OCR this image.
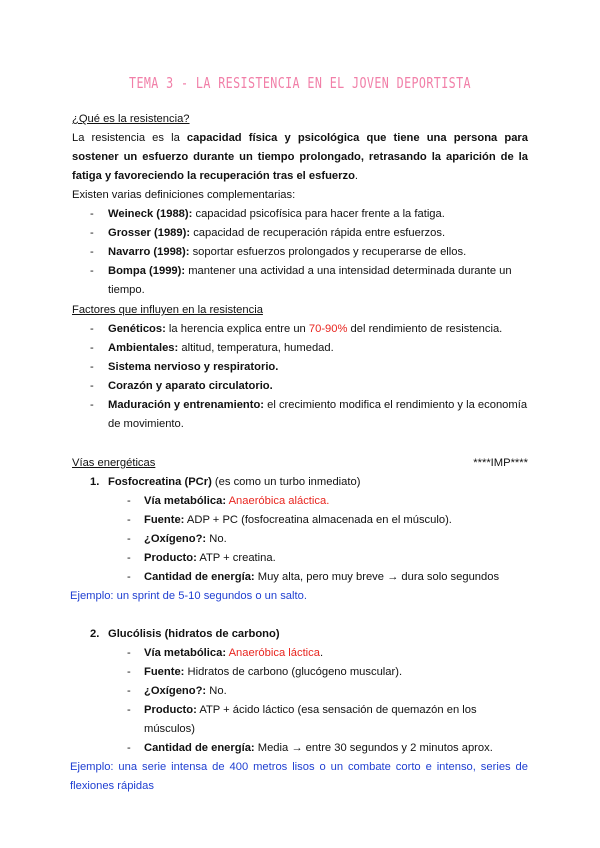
TEMA 3 - LA RESISTENCIA EN EL JOVEN DEPORTISTA
¿Qué es la resistencia?
La resistencia es la capacidad física y psicológica que tiene una persona para sostener un esfuerzo durante un tiempo prolongado, retrasando la aparición de la fatiga y favoreciendo la recuperación tras el esfuerzo.
Existen varias definiciones complementarias:
- Weineck (1988): capacidad psicofísica para hacer frente a la fatiga.
- Grosser (1989): capacidad de recuperación rápida entre esfuerzos.
- Navarro (1998): soportar esfuerzos prolongados y recuperarse de ellos.
- Bompa (1999): mantener una actividad a una intensidad determinada durante un tiempo.
Factores que influyen en la resistencia
- Genéticos: la herencia explica entre un 70-90% del rendimiento de resistencia.
- Ambientales: altitud, temperatura, humedad.
- Sistema nervioso y respiratorio.
- Corazón y aparato circulatorio.
- Maduración y entrenamiento: el crecimiento modifica el rendimiento y la economía de movimiento.
Vías energéticas	****IMP****
1. Fosfocreatina (PCr) (es como un turbo inmediato)
- Vía metabólica: Anaeróbica aláctica.
- Fuente: ADP + PC (fosfocreatina almacenada en el músculo).
- ¿Oxígeno?: No.
- Producto: ATP + creatina.
- Cantidad de energía: Muy alta, pero muy breve → dura solo segundos
Ejemplo: un sprint de 5-10 segundos o un salto.
2. Glucólisis (hidratos de carbono)
- Vía metabólica: Anaeróbica láctica.
- Fuente: Hidratos de carbono (glucógeno muscular).
- ¿Oxígeno?: No.
- Producto: ATP + ácido láctico (esa sensación de quemazón en los músculos)
- Cantidad de energía: Media → entre 30 segundos y 2 minutos aprox.
Ejemplo: una serie intensa de 400 metros lisos o un combate corto e intenso, series de flexiones rápidas
